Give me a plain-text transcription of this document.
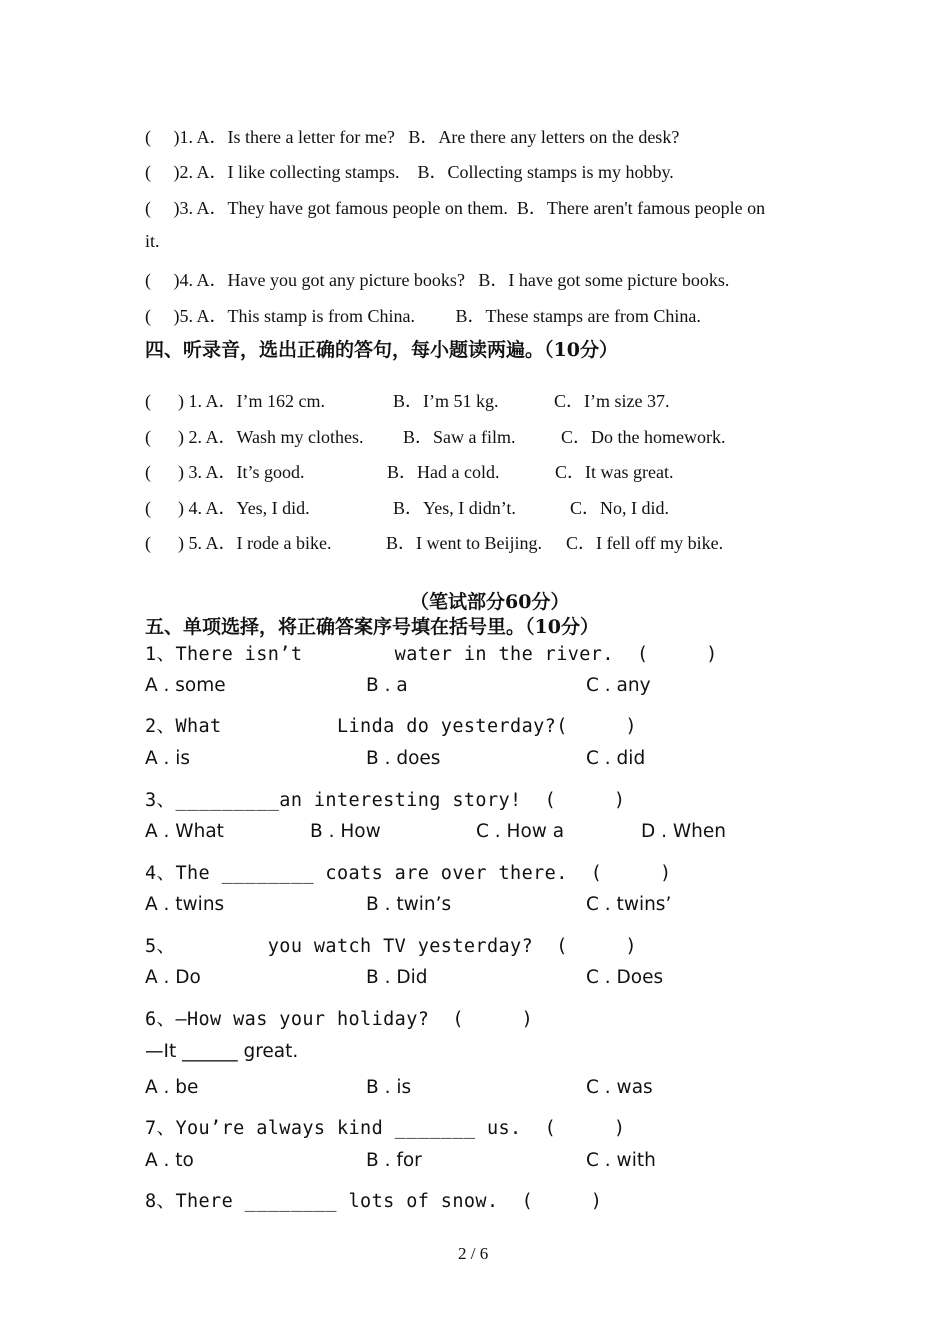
(     )1. A．Is there a letter for me?   B．Are there any letters on the desk?
(     )2. A．I like collecting stamps.    B．Collecting stamps is my hobby.
(     )3. A．They have got famous people on them.  B．There aren't famous people on
it.
(     )4. A．Have you got any picture books?   B．I have got some picture books.
(     )5. A．This stamp is from China.         B．These stamps are from China.
四、听录音，选出正确的答句，每小题读两遍。（10分）
(      ) 1. A．I’m 162 cm.	B．I’m 51 kg.	C．I’m size 37.
(      ) 2. A．Wash my clothes. B．Saw a film.	C．Do the homework.
(      ) 3. A．It’s good.	B．Had a cold.	C．It was great.
(      ) 4. A．Yes, I did.	B．Yes, I didn’t.	C．No, I did.
(      ) 5. A．I rode a bike.	B．I went to Beijing. C．I fell off my bike.
（笔试部分60分）
五、单项选择，将正确答案序号填在括号里。（10分）
1、There isn’t        water in the river.  (     )
A . some	B . a	C . any
2、What          Linda do yesterday?(     )
A . is	B . does	C . did
3、_________an interesting story!  (     )
A . What	B . How	C . How a	D . When
4、The ________ coats are over there.  (     )
A . twins	B . twin’s	C . twins’
5、        you watch TV yesterday?  (     )
A . Do	B . Did	C . Does
6、—How was your holiday?  (     )
—It ______ great.
A . be	B . is	C . was
7、You’re always kind _______ us.  (     )
A . to	B . for	C . with
8、There ________ lots of snow.  (     )
2 / 6
